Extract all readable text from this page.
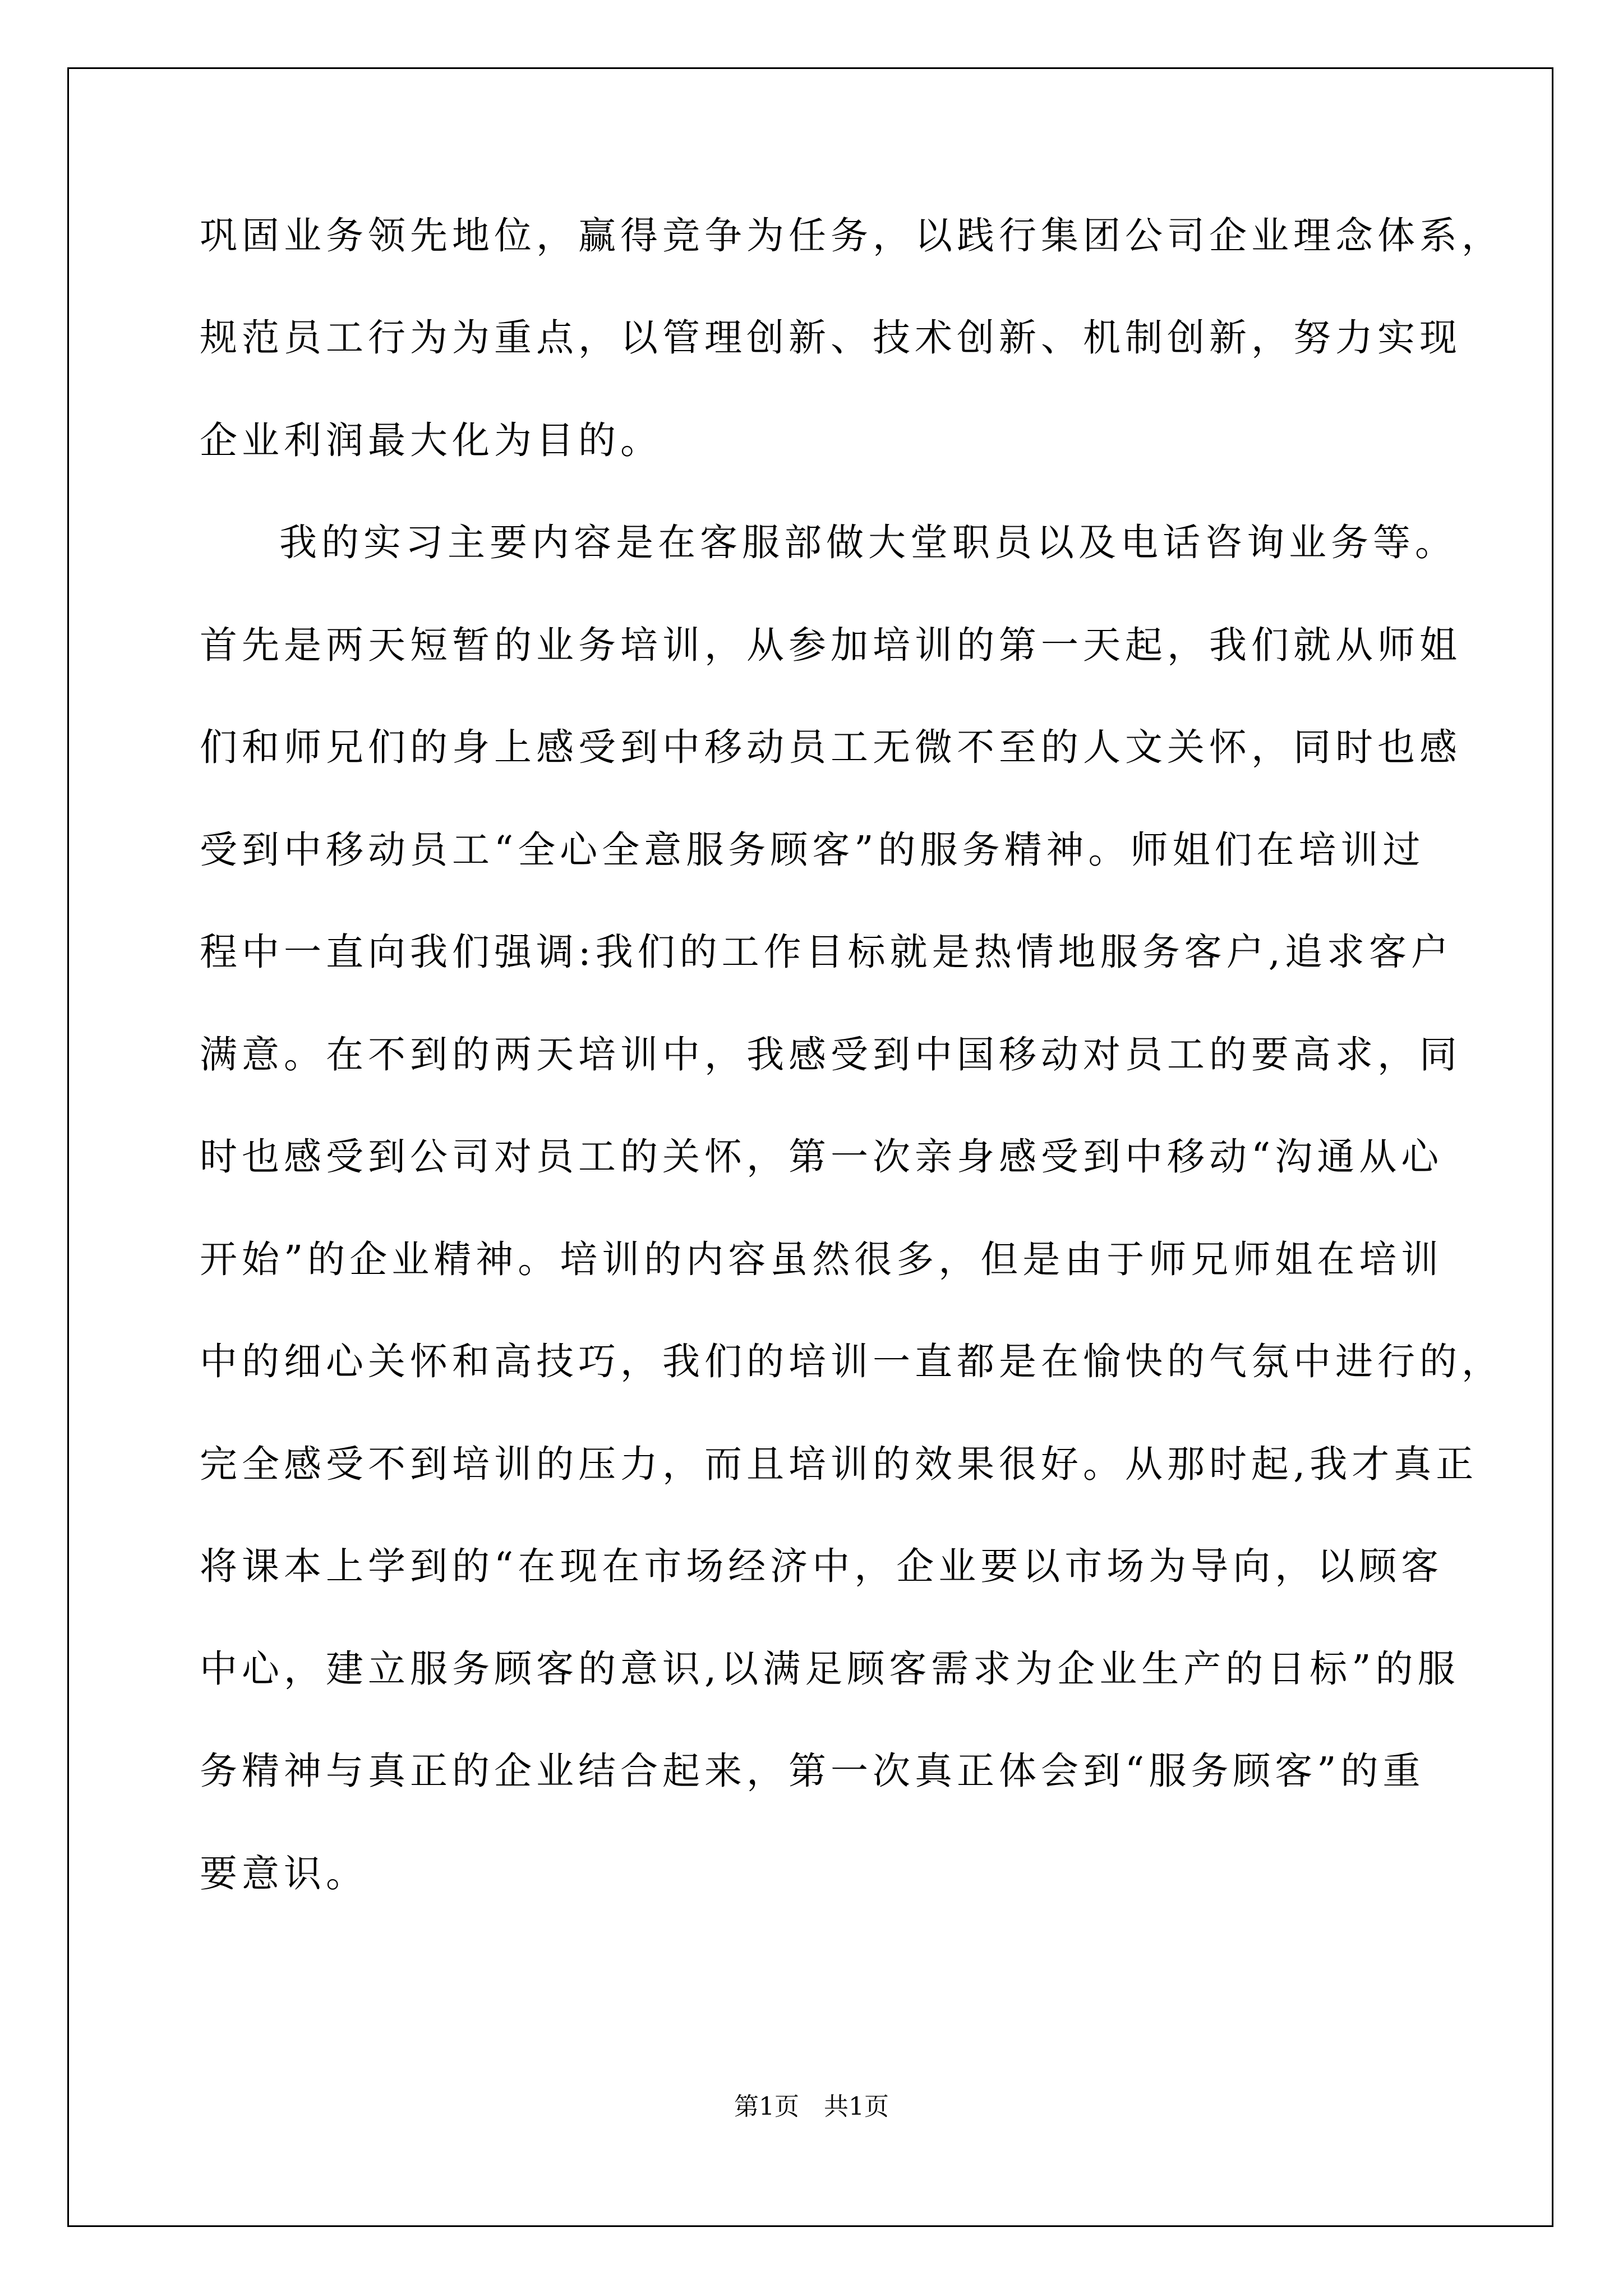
巩固业务领先地位，赢得竞争为任务，以践行集团公司企业理念体系，
规范员工行为为重点，以管理创新、技术创新、机制创新，努力实现
企业利润最大化为目的。
我的实习主要内容是在客服部做大堂职员以及电话咨询业务等。
首先是两天短暂的业务培训，从参加培训的第一天起，我们就从师姐
们和师兄们的身上感受到中移动员工无微不至的人文关怀，同时也感
受到中移动员工“全心全意服务顾客”的服务精神。师姐们在培训过
程中一直向我们强调:我们的工作目标就是热情地服务客户,追求客户
满意。在不到的两天培训中，我感受到中国移动对员工的要高求，同
时也感受到公司对员工的关怀，第一次亲身感受到中移动“沟通从心
开始”的企业精神。培训的内容虽然很多，但是由于师兄师姐在培训
中的细心关怀和高技巧，我们的培训一直都是在愉快的气氛中进行的，
完全感受不到培训的压力，而且培训的效果很好。从那时起,我才真正
将课本上学到的“在现在市场经济中，企业要以市场为导向，以顾客
中心，建立服务顾客的意识,以满足顾客需求为企业生产的日标”的服
务精神与真正的企业结合起来，第一次真正体会到“服务顾客”的重
要意识。
第1页　共1页
